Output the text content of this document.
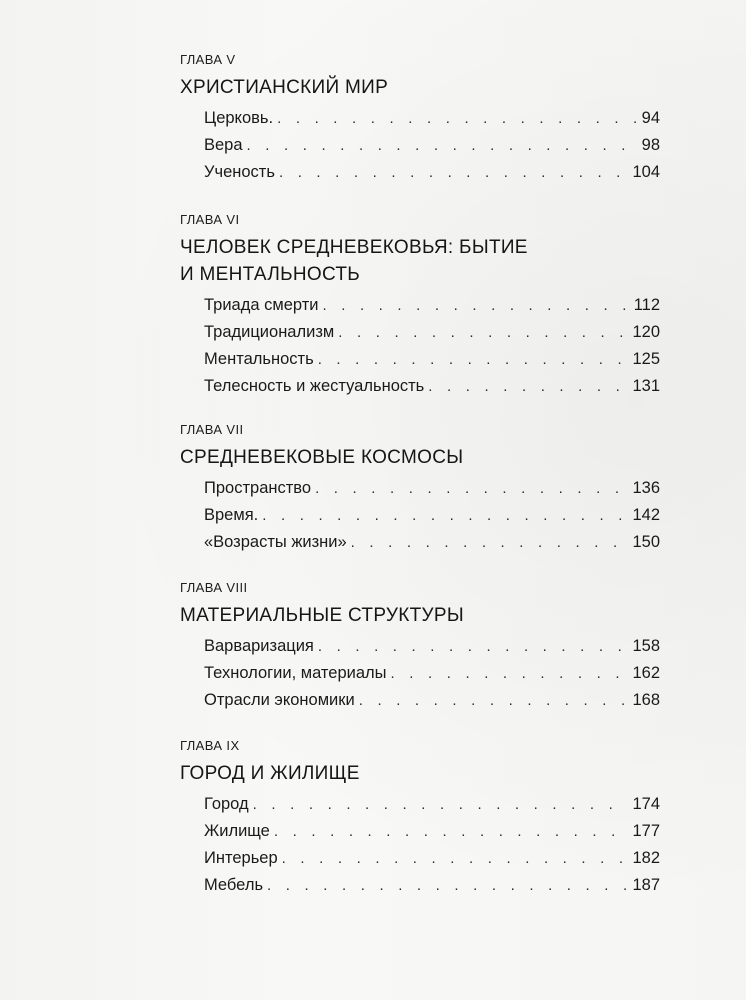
ГЛАВА V
ХРИСТИАНСКИЙ МИР
Церковь. . . .	94
Вера . . .	98
Ученость . . .	104
ГЛАВА VI
ЧЕЛОВЕК СРЕДНЕВЕКОВЬЯ: БЫТИЕ
И МЕНТАЛЬНОСТЬ
Триада смерти . . .	112
Традиционализм . . .	120
Ментальность . . .	125
Телесность и жестуальность . . .	131
ГЛАВА VII
СРЕДНЕВЕКОВЫЕ КОСМОСЫ
Пространство . . .	136
Время. . . .	142
«Возрасты жизни» . . .	150
ГЛАВА VIII
МАТЕРИАЛЬНЫЕ СТРУКТУРЫ
Варваризация . . .	158
Технологии, материалы . . .	162
Отрасли экономики . . .	168
ГЛАВА IX
ГОРОД И ЖИЛИЩЕ
Город . . .	174
Жилище . . .	177
Интерьер . . .	182
Мебель . . .	187
